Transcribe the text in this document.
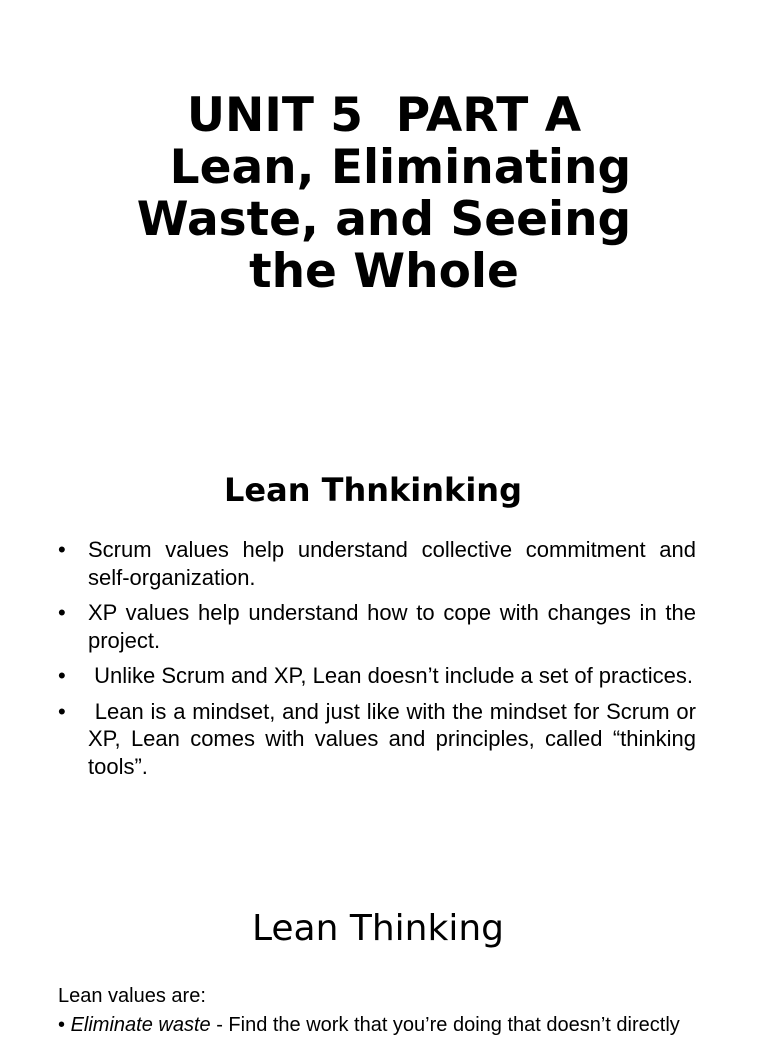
UNIT 5  PART A
Lean, Eliminating
Waste, and Seeing
the Whole
Lean Thnkinking
• Scrum values help understand collective commitment and self-organization.
• XP values help understand how to cope with changes in the project.
• Unlike Scrum and XP, Lean doesn’t include a set of practices.
• Lean is a mindset, and just like with the mindset for Scrum or XP, Lean comes with values and principles, called “thinking tools”.
Lean Thinking
Lean values are:
• Eliminate waste - Find the work that you’re doing that doesn’t directly
